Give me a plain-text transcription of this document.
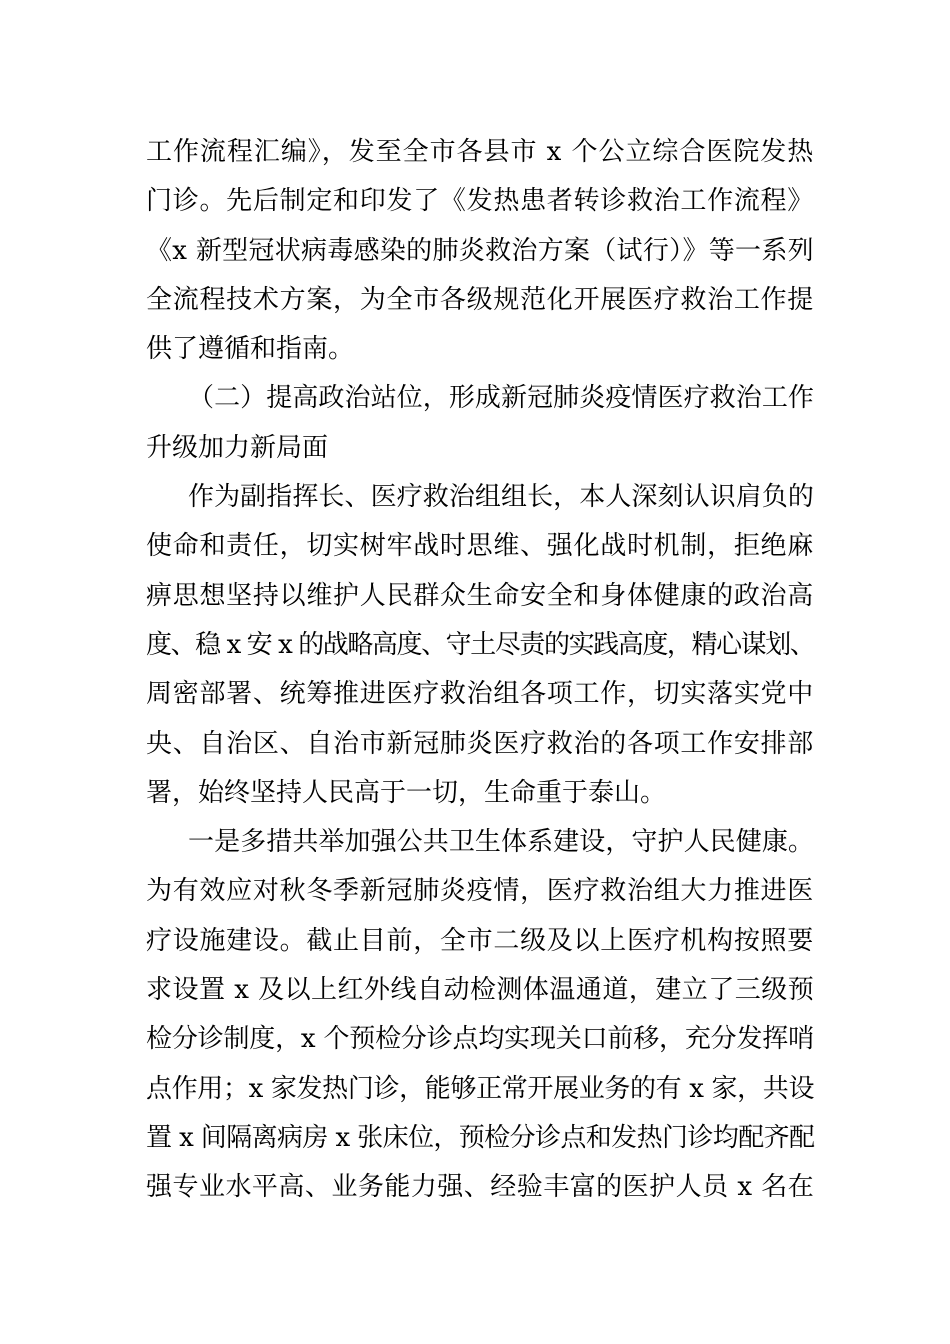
工作流程汇编》，发至全市各县市 x 个公立综合医院发热
门诊。先后制定和印发了《发热患者转诊救治工作流程》
《x 新型冠状病毒感染的肺炎救治方案（试行）》等一系列
全流程技术方案，为全市各级规范化开展医疗救治工作提
供了遵循和指南。
（二）提高政治站位，形成新冠肺炎疫情医疗救治工作
升级加力新局面
作为副指挥长、医疗救治组组长，本人深刻认识肩负的
使命和责任，切实树牢战时思维、强化战时机制，拒绝麻
痹思想坚持以维护人民群众生命安全和身体健康的政治高
度、稳 x 安 x 的战略高度、守土尽责的实践高度，精心谋划、
周密部署、统筹推进医疗救治组各项工作，切实落实党中
央、自治区、自治市新冠肺炎医疗救治的各项工作安排部
署，始终坚持人民高于一切，生命重于泰山。
一是多措共举加强公共卫生体系建设，守护人民健康。
为有效应对秋冬季新冠肺炎疫情，医疗救治组大力推进医
疗设施建设。截止目前，全市二级及以上医疗机构按照要
求设置 x 及以上红外线自动检测体温通道，建立了三级预
检分诊制度，x 个预检分诊点均实现关口前移，充分发挥哨
点作用；x 家发热门诊，能够正常开展业务的有 x 家，共设
置 x 间隔离病房 x 张床位，预检分诊点和发热门诊均配齐配
强专业水平高、业务能力强、经验丰富的医护人员 x 名在
